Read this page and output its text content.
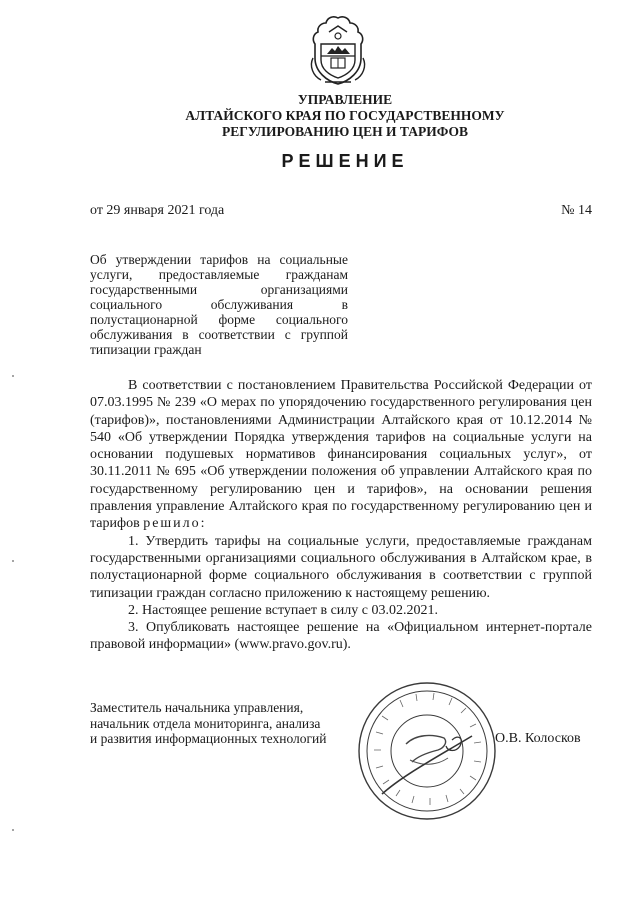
УПРАВЛЕНИЕ
АЛТАЙСКОГО КРАЯ ПО ГОСУДАРСТВЕННОМУ
РЕГУЛИРОВАНИЮ ЦЕН И ТАРИФОВ
РЕШЕНИЕ
от 29 января 2021 года	№ 14
Об утверждении тарифов на социальные услуги, предоставляемые гражданам государственными организациями социального обслуживания в полустационарной форме социального обслуживания в соответствии с группой типизации граждан

В соответствии с постановлением Правительства Российской Федерации от 07.03.1995 № 239 «О мерах по упорядочению государственного регулирования цен (тарифов)», постановлениями Администрации Алтайского края от 10.12.2014 № 540 «Об утверждении Порядка утверждения тарифов на социальные услуги на основании подушевых нормативов финансирования социальных услуг», от 30.11.2011 № 695 «Об утверждении положения об управлении Алтайского края по государственному регулированию цен и тарифов», на основании решения правления управление Алтайского края по государственному регулированию цен и тарифов решило:

1. Утвердить тарифы на социальные услуги, предоставляемые гражданам государственными организациями социального обслуживания в Алтайском крае, в полустационарной форме социального обслуживания в соответствии с группой типизации граждан согласно приложению к настоящему решению.

2. Настоящее решение вступает в силу с 03.02.2021.

3. Опубликовать настоящее решение на «Официальном интернет-портале правовой информации» (www.pravo.gov.ru).

Заместитель начальника управления,
начальник отдела мониторинга, анализа
и развития информационных технологий	О.В. Колосков
